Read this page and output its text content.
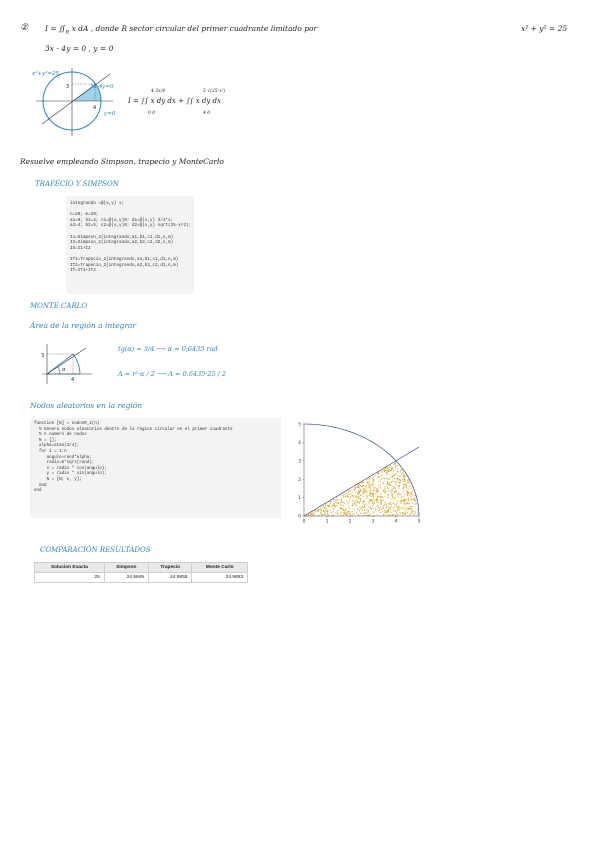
② $I = ∬_R$ x dA , donde R sector circular del primer cuadrante limitado por	x² + y² = 25
3x - 4y = 0 , y = 0
x²+y²=25
3x-4y=0
y=0
3
4
I = ∫∫ x dy dx + ∫∫ x dy dx
4 3x/4
0 0
5 √(25-x²)
4 0
Resuelve empleando Simpson, trapecio y MonteCarlo
TRAPECIO Y SIMPSON
integrando =@(x,y) x;

n=20; m=20;
a1=0; b1=4; c1=@(x,y)0; d1=@(x,y) 3/4*x;
a2=4; b2=5; c2=@(x,y)0; d2=@(x,y) sqrt(25-x^2);

I1=Simpson_2(integrando,a1,b1,c1,d1,n,m)
I2=Simpson_2(integrando,a2,b2,c2,d2,n,m)
IS=I1+I2

IT1=Trapecio_2(integrando,a1,b1,c1,d1,n,m)
IT2=Trapecio_2(integrando,a2,b2,c2,d2,n,m)
IT=IT1+IT2
MONTE CARLO
Área de la región a integrar
3
4
α
tg(α) = 3/4 ⟶ α = 0,6435 rad
A = r²·α / 2 ⟶ A = 0.6435·25 / 2
Nodos aleatorios en la región
function [N] = nodosR_2(n)
% Genera nodos aleatorios dentro de la region circular en el primer cuadrante
% n numero de nodos
N = [];
alpha=atan(3/4);
for i = 1:n
angulo=rand*alpha;
radio=5*sqrt(rand);
x = radio * cos(angulo);
y = radio * sin(angulo);
N = [N; x, y];
end
end
0	1	2	3	4	5
0
1
2
3
4
5
COMPARACIÓN RESULTADOS
Solucion Exacta	Simpson	Trapecio	Monte Carlo
25	24.9649	24.9855	24.9853
